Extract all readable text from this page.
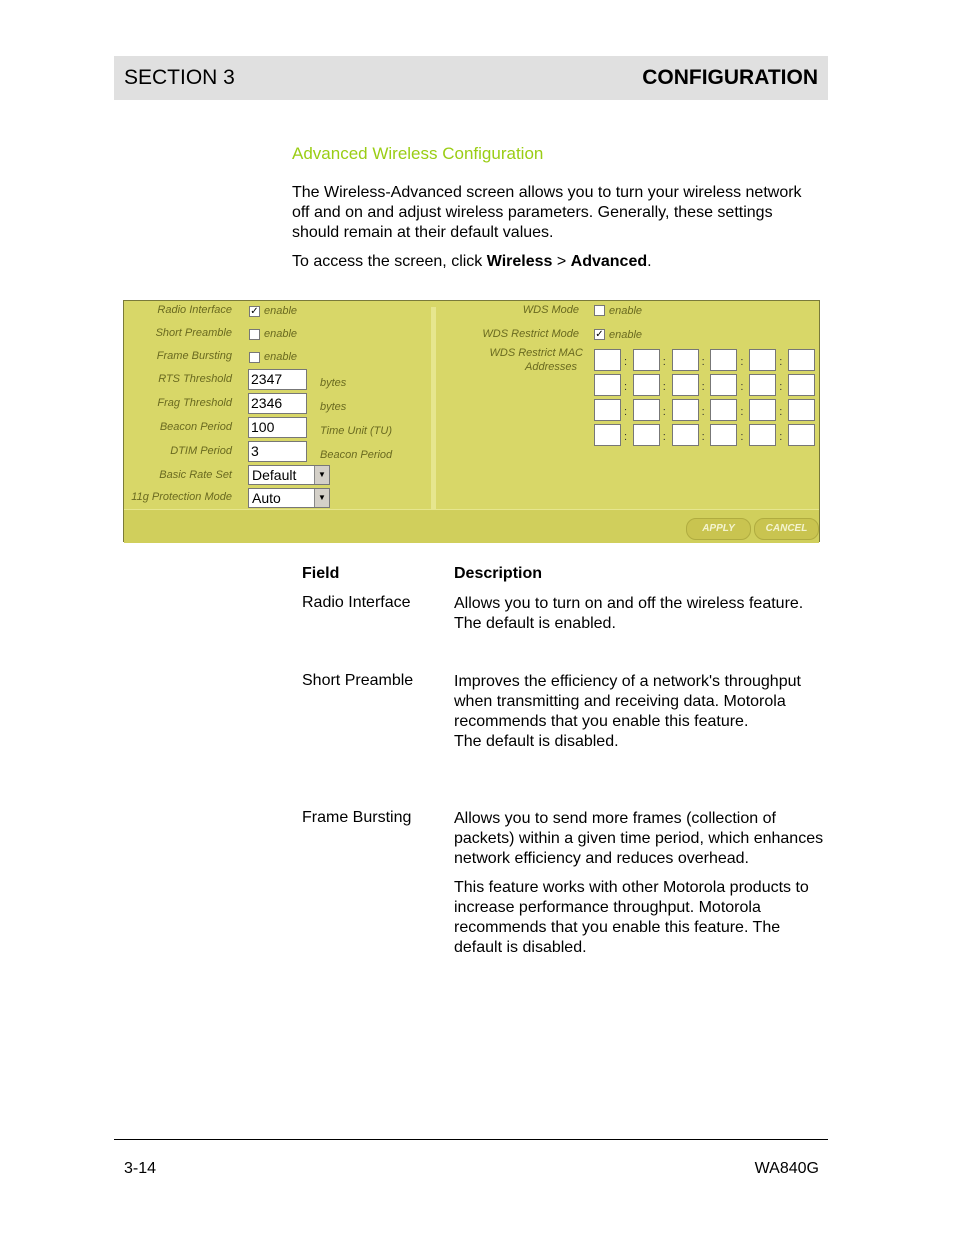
SECTION 3	CONFIGURATION
Advanced Wireless Configuration
The Wireless-Advanced screen allows you to turn your wireless network off and on and adjust wireless parameters. Generally, these settings should remain at their default values.
To access the screen, click Wireless > Advanced.
Radio Interface ✓ enable
Short Preamble	enable
Frame Bursting	enable
RTS Threshold 2347	bytes
Frag Threshold 2346	bytes
Beacon Period 100	Time Unit (TU)
DTIM Period 3	Beacon Period
Basic Rate Set Default	▼
11g Protection Mode Auto	▼
WDS Mode	enable
WDS Restrict Mode ✓ enable
WDS Restrict MAC
Addresses	:	:	:	:	:
:	:	:	:	:
:	:	:	:	:
:	:	:	:	:
APPLY	CANCEL
Field	Description
Radio Interface	Allows you to turn on and off the wireless feature. The default is enabled.

Short Preamble	Improves the efficiency of a network's throughput when transmitting and receiving data. Motorola recommends that you enable this feature.
The default is disabled.
Frame Bursting	Allows you to send more frames (collection of packets) within a given time period, which enhances network efficiency and reduces overhead.

This feature works with other Motorola products to increase performance throughput. Motorola recommends that you enable this feature. The default is disabled.

3-14	WA840G
